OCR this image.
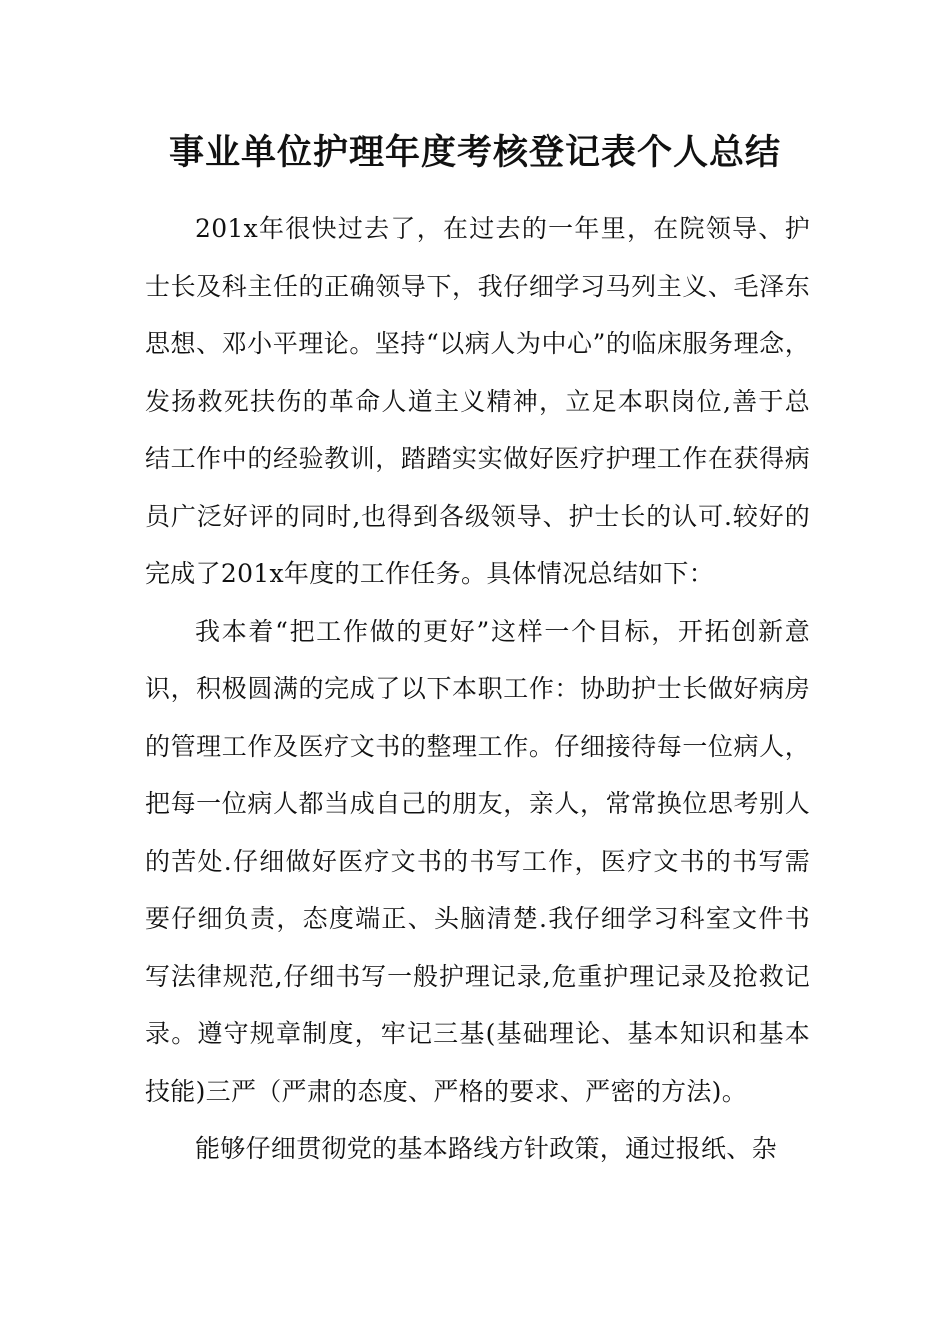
事业单位护理年度考核登记表个人总结

201x年很快过去了，在过去的一年里，在院领导、护士长及科主任的正确领导下，我仔细学习马列主义、毛泽东思想、邓小平理论。坚持“以病人为中心”的临床服务理念，发扬救死扶伤的革命人道主义精神，立足本职岗位,善于总结工作中的经验教训，踏踏实实做好医疗护理工作在获得病员广泛好评的同时,也得到各级领导、护士长的认可.较好的完成了201x年度的工作任务。具体情况总结如下：

我本着“把工作做的更好”这样一个目标，开拓创新意识，积极圆满的完成了以下本职工作：协助护士长做好病房的管理工作及医疗文书的整理工作。仔细接待每一位病人，把每一位病人都当成自己的朋友，亲人，常常换位思考别人的苦处.仔细做好医疗文书的书写工作，医疗文书的书写需要仔细负责，态度端正、头脑清楚.我仔细学习科室文件书写法律规范,仔细书写一般护理记录,危重护理记录及抢救记录。遵守规章制度，牢记三基(基础理论、基本知识和基本技能)三严（严肃的态度、严格的要求、严密的方法)。

能够仔细贯彻党的基本路线方针政策，通过报纸、杂
